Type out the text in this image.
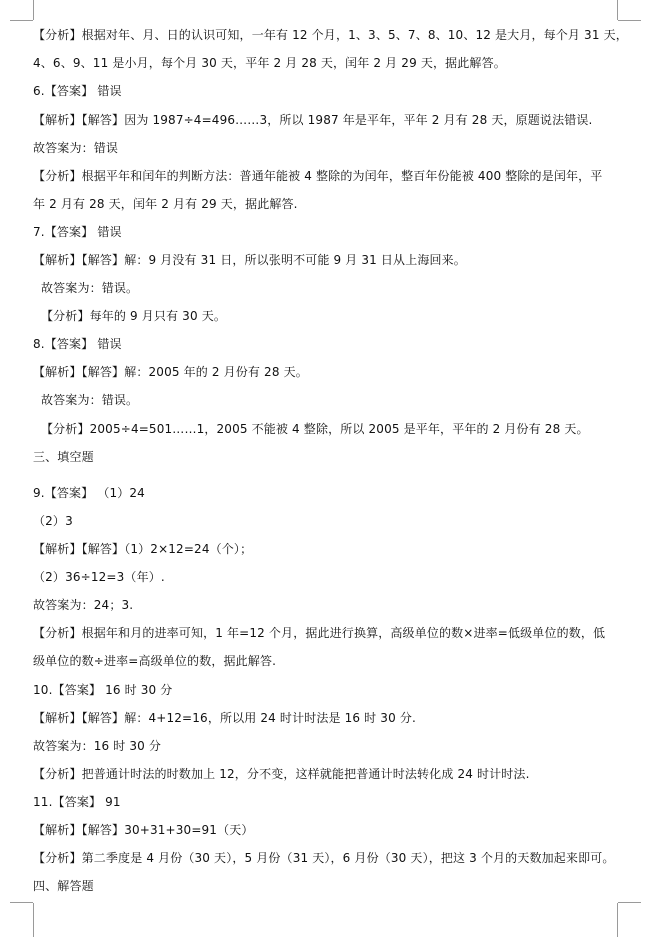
【分析】根据对年、月、日的认识可知，一年有 12 个月，1、3、5、7、8、10、12 是大月，每个月 31 天，
4、6、9、11 是小月，每个月 30 天，平年 2 月 28 天，闰年 2 月 29 天，据此解答。
6.【答案】 错误
【解析】【解答】因为 1987÷4=496……3，所以 1987 年是平年，平年 2 月有 28 天，原题说法错误.
故答案为：错误
【分析】根据平年和闰年的判断方法：普通年能被 4 整除的为闰年，整百年份能被 400 整除的是闰年，平
年 2 月有 28 天，闰年 2 月有 29 天，据此解答.
7.【答案】 错误
【解析】【解答】解：9 月没有 31 日，所以张明不可能 9 月 31 日从上海回来。
故答案为：错误。
【分析】每年的 9 月只有 30 天。
8.【答案】 错误
【解析】【解答】解：2005 年的 2 月份有 28 天。
故答案为：错误。
【分析】2005÷4=501……1，2005 不能被 4 整除，所以 2005 是平年，平年的 2 月份有 28 天。
三、填空题
9.【答案】 （1）24
（2）3
【解析】【解答】（1）2×12=24（个）；
（2）36÷12=3（年）.
故答案为：24；3.
【分析】根据年和月的进率可知，1 年=12 个月，据此进行换算，高级单位的数×进率=低级单位的数，低
级单位的数÷进率=高级单位的数，据此解答.
10.【答案】 16 时 30 分
【解析】【解答】解：4+12=16，所以用 24 时计时法是 16 时 30 分.
故答案为：16 时 30 分
【分析】把普通计时法的时数加上 12，分不变，这样就能把普通计时法转化成 24 时计时法.
11.【答案】 91
【解析】【解答】30+31+30=91（天）
【分析】第二季度是 4 月份（30 天），5 月份（31 天），6 月份（30 天），把这 3 个月的天数加起来即可。
四、解答题
